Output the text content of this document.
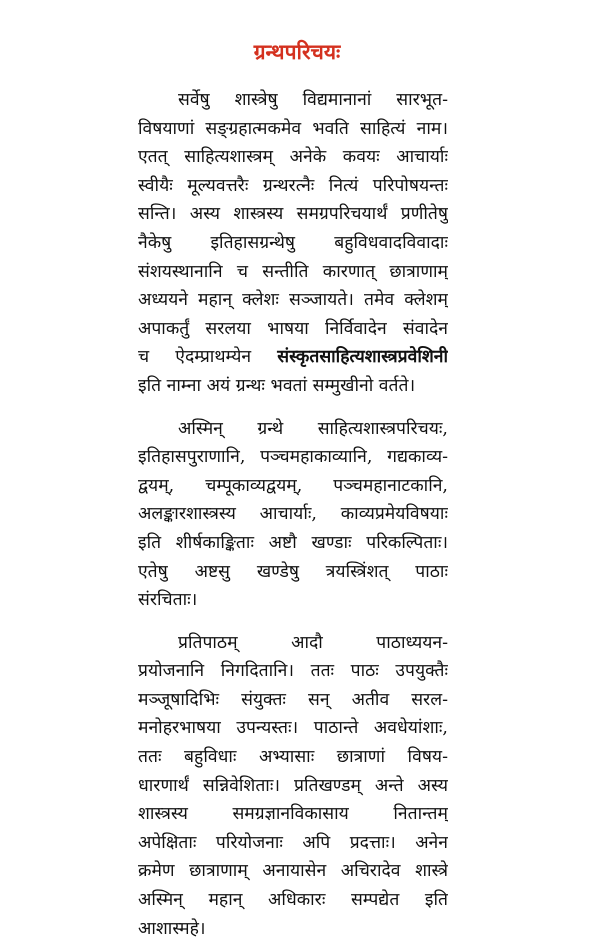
ग्रन्थपरिचयः

सर्वेषु शास्त्रेषु विद्यमानानां सारभूत-
विषयाणां सङ्ग्रहात्मकमेव भवति साहित्यं नाम।
एतत् साहित्यशास्त्रम् अनेके कवयः आचार्याः
स्वीयैः मूल्यवत्तरैः ग्रन्थरत्नैः नित्यं परिपोषयन्तः
सन्ति। अस्य शास्त्रस्य समग्रपरिचयार्थं प्रणीतेषु
नैकेषु इतिहासग्रन्थेषु बहुविधवादविवादाः
संशयस्थानानि च सन्तीति कारणात् छात्राणाम्
अध्ययने महान् क्लेशः सञ्जायते। तमेव क्लेशम्
अपाकर्तुं सरलया भाषया निर्विवादेन संवादेन
च ऐदम्प्राथम्येन संस्कृतसाहित्यशास्त्रप्रवेशिनी
इति नाम्ना अयं ग्रन्थः भवतां सम्मुखीनो वर्तते।

अस्मिन् ग्रन्थे साहित्यशास्त्रपरिचयः,
इतिहासपुराणानि, पञ्चमहाकाव्यानि, गद्यकाव्य-
द्वयम्, चम्पूकाव्यद्वयम्, पञ्चमहानाटकानि,
अलङ्कारशास्त्रस्य आचार्याः, काव्यप्रमेयविषयाः
इति शीर्षकाङ्किताः अष्टौ खण्डाः परिकल्पिताः।
एतेषु अष्टसु खण्डेषु त्रयस्त्रिंशत् पाठाः
संरचिताः।

प्रतिपाठम् आदौ पाठाध्ययन-
प्रयोजनानि निगदितानि। ततः पाठः उपयुक्तैः
मञ्जूषादिभिः संयुक्तः सन् अतीव सरल-
मनोहरभाषया उपन्यस्तः। पाठान्ते अवधेयांशाः,
ततः बहुविधाः अभ्यासाः छात्राणां विषय-
धारणार्थं सन्निवेशिताः। प्रतिखण्डम् अन्ते अस्य
शास्त्रस्य समग्रज्ञानविकासाय नितान्तम्
अपेक्षिताः परियोजनाः अपि प्रदत्ताः। अनेन
क्रमेण छात्राणाम् अनायासेन अचिरादेव शास्त्रे
अस्मिन् महान् अधिकारः सम्पद्येत इति
आशास्महे।
